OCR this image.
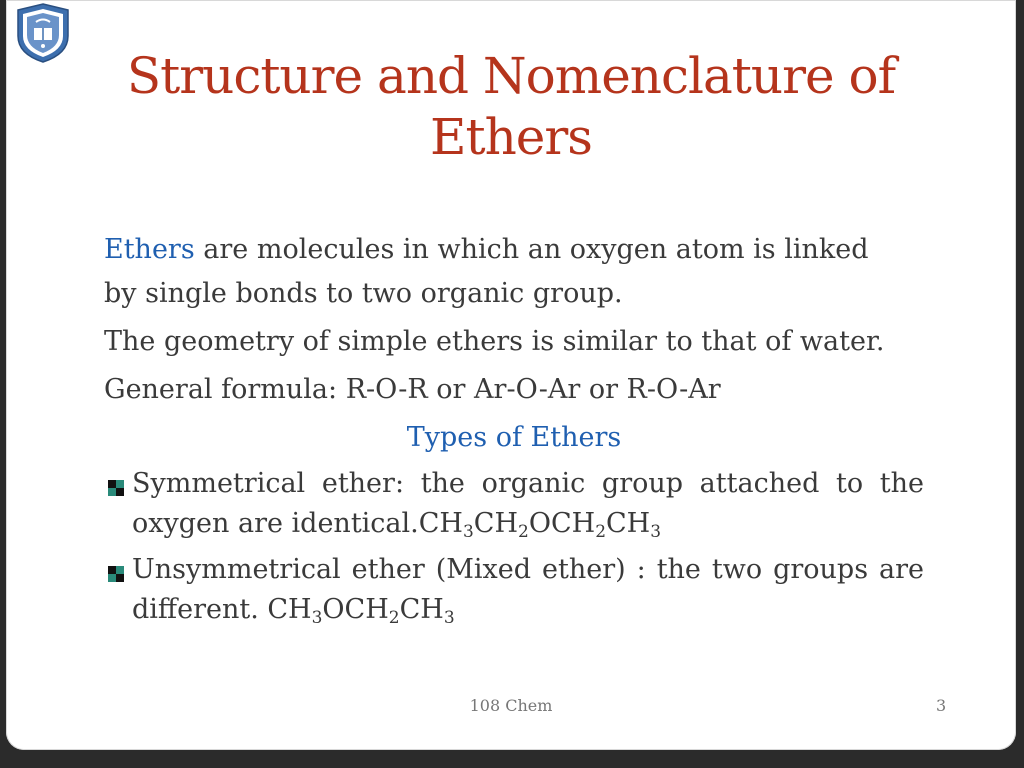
Structure and Nomenclature of
Ethers

Ethers are molecules in which an oxygen atom is linked
by single bonds to two organic group.

The geometry of simple ethers is similar to that of water.

General formula: R-O-R or Ar-O-Ar or R-O-Ar

Types of Ethers

Symmetrical ether: the organic group attached to the
oxygen are $identical.CH_3CH_2OCH_2CH_3$
Unsymmetrical ether (Mixed ether) : the two groups are
different. $CH_3OCH_2CH_3$
108 Chem	3
